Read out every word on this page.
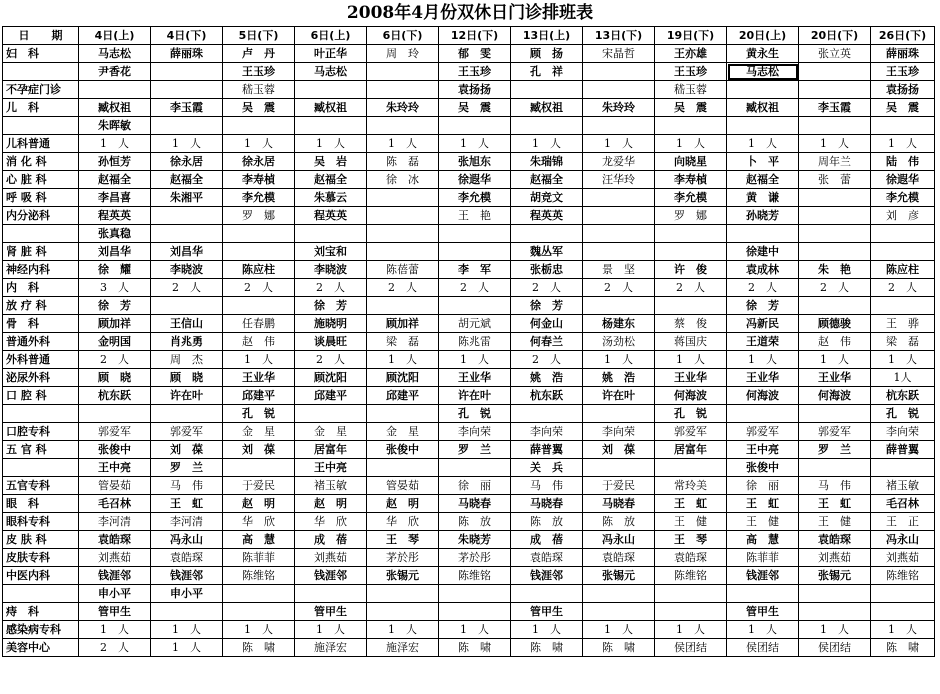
2008年4月份双休日门诊排班表
日　　期	4日(上)	4日(下)	5日(下)	6日(上)	6日(下)	12日(下)	13日(上)	13日(下)	19日(下)	20日(上)	20日(下)	26日(下)
妇　科	马志松	薛丽珠	卢　丹	叶正华	周　玲	郁　雯	顾　扬	宋晶哲	王亦雄	黄永生	张立英	薛丽珠
	尹香花		王玉珍	马志松		王玉珍	孔　祥		王玉珍	马志松		王玉珍
不孕症门诊			嵇玉蓉			袁扬扬			嵇玉蓉			袁扬扬
儿　科	臧权祖	李玉霞	吴　震	臧权祖	朱玲玲	吴　震	臧权祖	朱玲玲	吴　震	臧权祖	李玉霞	吴　震
	朱晖敏											
儿科普通	1　人	1　人	1　人	1　人	1　人	1　人	1　人	1　人	1　人	1　人	1　人	1　人
消 化 科	孙恒芳	徐永居	徐永居	吴　岩	陈　磊	张旭东	朱瑞锦	龙爱华	向晓星	卜　平	周年兰	陆　伟
心 脏 科	赵福全	赵福全	李寿楨	赵福全	徐　冰	徐遐华	赵福全	汪华玲	李寿楨	赵福全	张　蕾	徐遐华
呼 吸 科	李昌喜	朱湘平	李允模	朱慕云		李允模	胡竞文		李允模	黄　谦		李允模
内分泌科	程英英		罗　娜	程英英		王　艳	程英英		罗　娜	孙晓芳		刘　彦
	张真稳											
肾 脏 科	刘昌华	刘昌华		刘宝和			魏丛军			徐建中		
神经内科	徐　耀	李晓波	陈应柱	李晓波	陈蓓蕾	李　军	张栃忠	景　坚	许　俊	袁成林	朱　艳	陈应柱
内　科	3　人	2　人	2　人	2　人	2　人	2　人	2　人	2　人	2　人	2　人	2　人	2　人
放 疗 科	徐　芳			徐　芳			徐　芳			徐　芳		
骨　科	顾加祥	王信山	任春鹏	施晓明	顾加祥	胡元斌	何金山	杨建东	蔡　俊	冯新民	顾德骏	王　骅
普通外科	金明国	肖兆勇	赵　伟	谈晨旺	梁　磊	陈兆雷	何春兰	汤劲松	蒋国庆	王道荣	赵　伟	梁　磊
外科普通	2　人	周　杰	1　人	2　人	1　人	1　人	2　人	1　人	1　人	1　人	1　人	1　人
泌尿外科	顾　晓	顾　晓	王业华	顾沈阳	顾沈阳	王业华	姚　浩	姚　浩	王业华	王业华	王业华	1人
口 腔 科	杭东跃	许在叶	邱建平	邱建平	邱建平	许在叶	杭东跃	许在叶	何海波	何海波	何海波	杭东跃
			孔　锐			孔　锐			孔　锐			孔　锐
口腔专科	郭爱军	郭爱军	金　星	金　星	金　星	李向荣	李向荣	李向荣	郭爱军	郭爱军	郭爱军	李向荣
五 官 科	张俊中	刘　葆	刘　葆	居富年	张俊中	罗　兰	薛普翼	刘　葆	居富年	王中亮	罗　兰	薛普翼
	王中亮	罗　兰		王中亮			关　兵			张俊中		
五官专科	管晏茹	马　伟	于爱民	褚玉敏	管晏茹	徐　丽	马　伟	于爱民	常玲美	徐　丽	马　伟	褚玉敏
眼　科	毛召林	王　虹	赵　明	赵　明	赵　明	马晓春	马晓春	马晓春	王　虹	王　虹	王　虹	毛召林
眼科专科	李河清	李河清	华　欣	华　欣	华　欣	陈　放	陈　放	陈　放	王　健	王　健	王　健	王　正
皮 肤 科	袁皓琛	冯永山	高　慧	成　蓓	王　琴	朱晓芳	成　蓓	冯永山	王　琴	高　慧	袁皓琛	冯永山
皮肤专科	刘燕茹	袁皓琛	陈菲菲	刘燕茹	茅於彤	茅於彤	袁皓琛	袁皓琛	袁皓琛	陈菲菲	刘燕茹	刘燕茹
中医内科	钱涯邻	钱涯邻	陈维铭	钱涯邻	张锡元	陈维铭	钱涯邻	张锡元	陈维铭	钱涯邻	张锡元	陈维铭
	申小平	申小平										
痔　科	管甲生			管甲生			管甲生			管甲生		
感染病专科	1　人	1　人	1　人	1　人	1　人	1　人	1　人	1　人	1　人	1　人	1　人	1　人
美容中心	2　人	1　人	陈　啸	施泽宏	施泽宏	陈　啸	陈　啸	陈　啸	侯团结	侯团结	侯团结	陈　啸
